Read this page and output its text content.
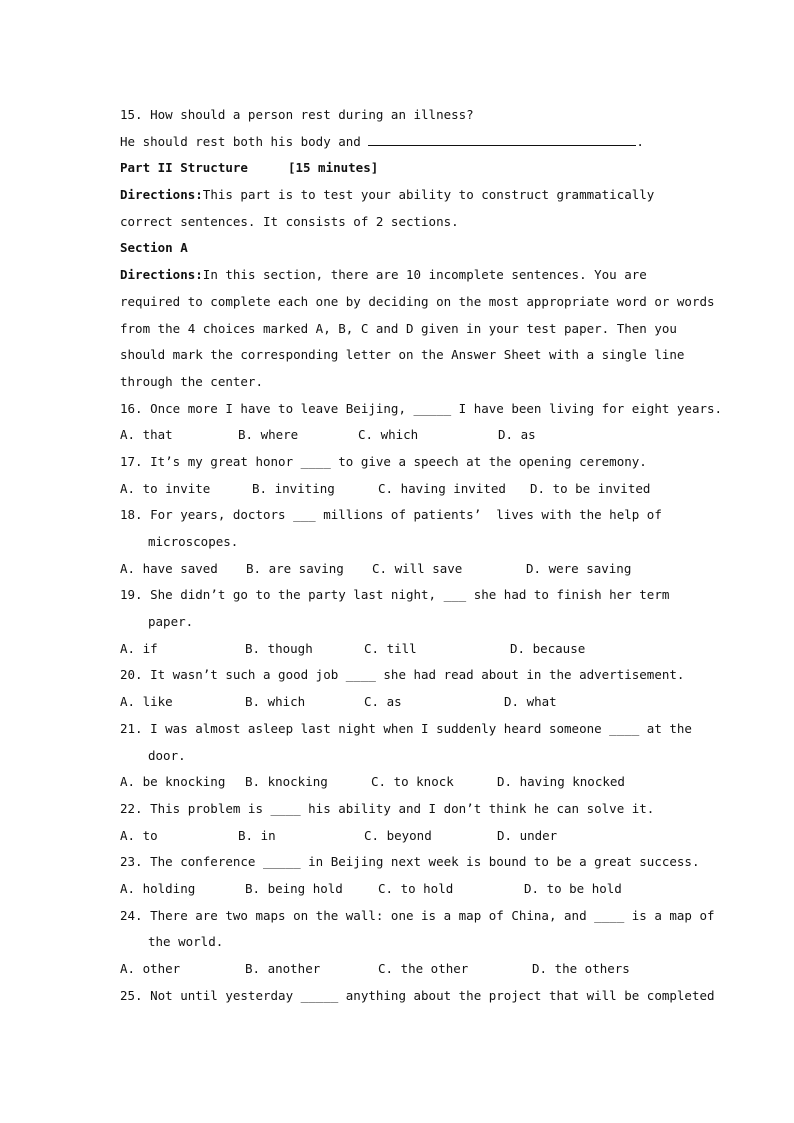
15. How should a person rest during an illness?
He should rest both his body and	.
Part II Structure	[15 minutes]
Directions:This part is to test your ability to construct grammatically
correct sentences. It consists of 2 sections.
Section A
Directions:In this section, there are 10 incomplete sentences. You are
required to complete each one by deciding on the most appropriate word or words
from the 4 choices marked A, B, C and D given in your test paper. Then you
should mark the corresponding letter on the Answer Sheet with a single line
through the center.
16. Once more I have to leave Beijing, _____ I have been living for eight years.
A. that	B. where	C. which	D. as
17. It’s my great honor ____ to give a speech at the opening ceremony.
A. to invite	B. inviting	C. having invited	D. to be invited
18. For years, doctors ___ millions of patients’  lives with the help of
microscopes.
A. have saved	B. are saving	C. will save	D. were saving
19. She didn’t go to the party last night, ___ she had to finish her term
paper.
A. if	B. though	C. till	D. because
20. It wasn’t such a good job ____ she had read about in the advertisement.
A. like	B. which	C. as	D. what
21. I was almost asleep last night when I suddenly heard someone ____ at the
door.
A. be knocking	B. knocking	C. to knock	D. having knocked
22. This problem is ____ his ability and I don’t think he can solve it.
A. to	B. in	C. beyond	D. under
23. The conference _____ in Beijing next week is bound to be a great success.
A. holding	B. being hold	C. to hold	D. to be hold
24. There are two maps on the wall: one is a map of China, and ____ is a map of
the world.
A. other	B. another	C. the other	D. the others
25. Not until yesterday _____ anything about the project that will be completed
